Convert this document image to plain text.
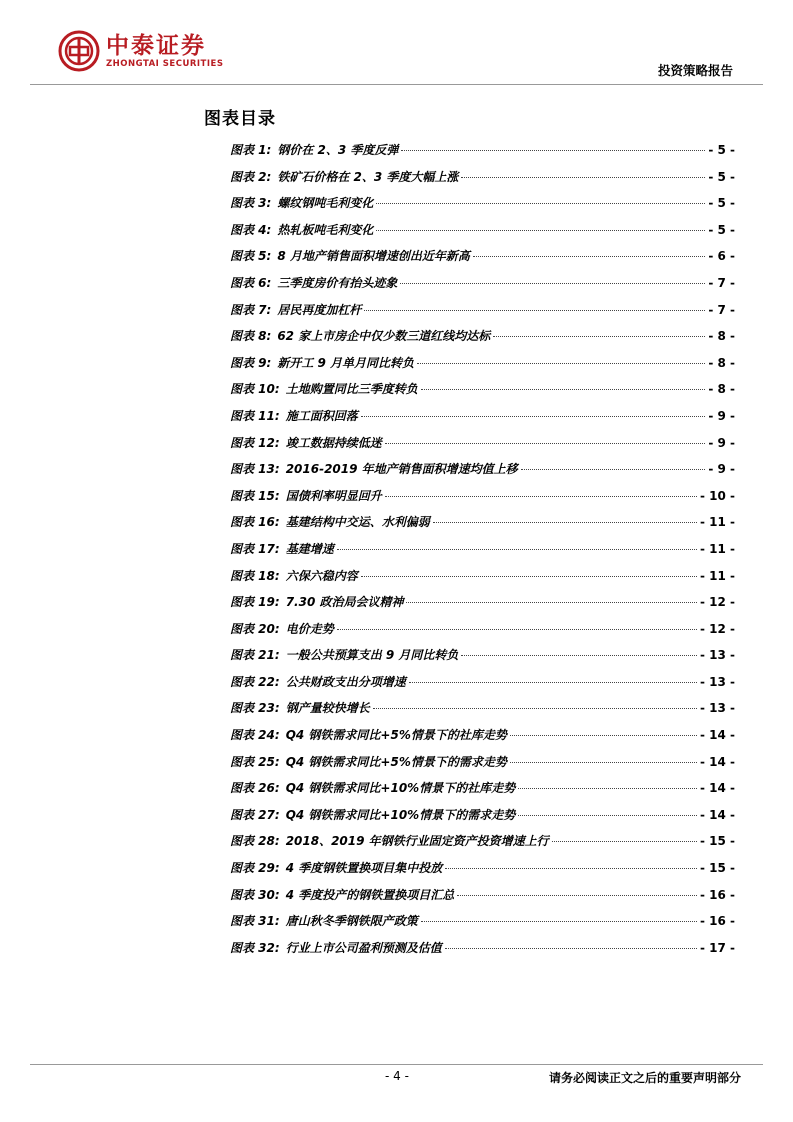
中泰证券
ZHONGTAI SECURITIES	投资策略报告
图表目录
图表 1: 钢价在 2、3 季度反弹	- 5 -
图表 2: 铁矿石价格在 2、3 季度大幅上涨	- 5 -
图表 3: 螺纹钢吨毛利变化	- 5 -
图表 4: 热轧板吨毛利变化	- 5 -
图表 5: 8 月地产销售面积增速创出近年新高	- 6 -
图表 6: 三季度房价有抬头迹象	- 7 -
图表 7: 居民再度加杠杆	- 7 -
图表 8: 62 家上市房企中仅少数三道红线均达标	- 8 -
图表 9: 新开工 9 月单月同比转负	- 8 -
图表 10: 土地购置同比三季度转负	- 8 -
图表 11: 施工面积回落	- 9 -
图表 12: 竣工数据持续低迷	- 9 -
图表 13: 2016-2019 年地产销售面积增速均值上移	- 9 -
图表 15: 国债利率明显回升	- 10 -
图表 16: 基建结构中交运、水利偏弱	- 11 -
图表 17: 基建增速	- 11 -
图表 18: 六保六稳内容	- 11 -
图表 19: 7.30 政治局会议精神	- 12 -
图表 20: 电价走势	- 12 -
图表 21: 一般公共预算支出 9 月同比转负	- 13 -
图表 22: 公共财政支出分项增速	- 13 -
图表 23: 钢产量较快增长	- 13 -
图表 24: Q4 钢铁需求同比+5%情景下的社库走势	- 14 -
图表 25: Q4 钢铁需求同比+5%情景下的需求走势	- 14 -
图表 26: Q4 钢铁需求同比+10%情景下的社库走势	- 14 -
图表 27: Q4 钢铁需求同比+10%情景下的需求走势	- 14 -
图表 28: 2018、2019 年钢铁行业固定资产投资增速上行	- 15 -
图表 29: 4 季度钢铁置换项目集中投放	- 15 -
图表 30: 4 季度投产的钢铁置换项目汇总	- 16 -
图表 31: 唐山秋冬季钢铁限产政策	- 16 -
图表 32: 行业上市公司盈利预测及估值	- 17 -
- 4 -	请务必阅读正文之后的重要声明部分
